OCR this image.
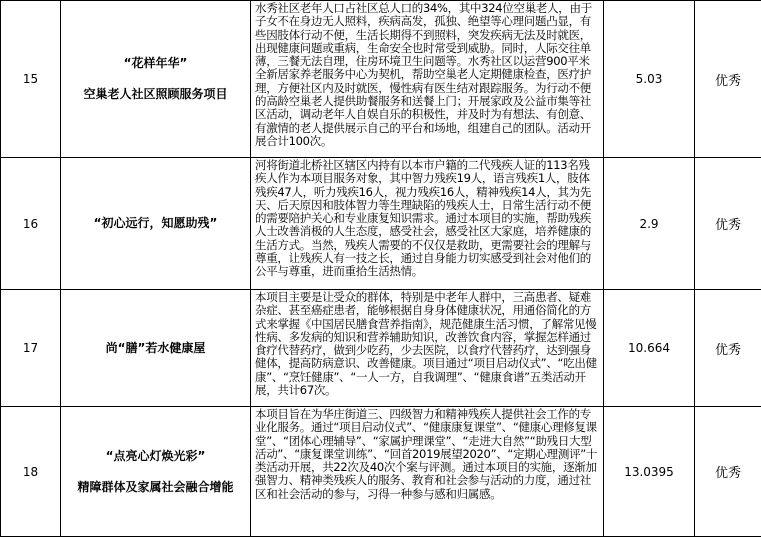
15	“花样年华”
空巢老人社区照顾服务项目	水秀社区老年人口占社区总人口的34%，其中324位空巢老人，由于子女不在身边无人照料，疾病高发，孤独、绝望等心理问题凸显，有些因肢体行动不便，生活长期得不到照料，突发疾病无法及时就医，出现健康问题或重病，生命安全也时常受到威胁。同时，人际交往单薄，三餐无法自理，住房环境卫生问题等。水秀社区以运营900平米全新居家养老服务中心为契机，帮助空巢老人定期健康检查，医疗护理，方便社区内及时就医，慢性病有医生结对跟踪服务。为行动不便的高龄空巢老人提供助餐服务和送餐上门；开展家政及公益市集等社区活动，调动老年人自娱自乐的积极性，并及时为有想法、有创意、有激情的老人提供展示自己的平台和场地，组建自己的团队。活动开展合计100次。	5.03	优秀
16	“初心远行，知愿助残”	河将街道北桥社区辖区内持有以本市户籍的二代残疾人证的113名残疾人作为本项目服务对象，其中智力残疾19人，语言残疾1人，肢体残疾47人，听力残疾16人，视力残疾16人，精神残疾14人，其为先天、后天原因和肢体智力等生理缺陷的残疾人士，日常生活行动不便的需要陪护关心和专业康复知识需求。通过本项目的实施，帮助残疾人士改善消极的人生态度，感受社会，感受社区大家庭，培养健康的生活方式。当然，残疾人需要的不仅仅是救助，更需要社会的理解与尊重，让残疾人有一技之长，通过自身能力切实感受到社会对他们的公平与尊重，进而重拾生活热情。	2.9	优秀
17	尚“膳”若水健康屋	本项目主要是让受众的群体，特别是中老年人群中，三高患者、疑难杂症、甚至癌症患者，能够根据自身身体健康状况，用通俗简化的方式来掌握《中国居民膳食营养指南》，规范健康生活习惯，了解常见慢性病、多发病的知识和营养辅助知识，改善饮食内容，掌握怎样通过食疗代替药疗，做到少吃药，少去医院，以食疗代替药疗，达到强身健体，提高防病意识、改善健康。项目通过“项目启动仪式”、“吃出健康”、“烹饪健康”、“一人一方，自我调理”、“健康食谱”五类活动开展，共计67次。	10.664	优秀
18	“点亮心灯焕光彩”
精障群体及家属社会融合增能	本项目旨在为华庄街道三、四级智力和精神残疾人提供社会工作的专业化服务。通过“项目启动仪式”、“健康康复课堂”、“健康心理修复课堂”、“团体心理辅导”、“家属护理课堂”、“走进大自然”“助残日大型活动”、“康复课堂训练”、“回首2019展望2020”、“定期心理测评”十类活动开展，共22次及40次个案与评测。通过本项目的实施，逐渐加强智力、精神类残疾人的服务、教育和社会参与活动的力度，通过社区和社会活动的参与，习得一种参与感和归属感。	13.0395	优秀
